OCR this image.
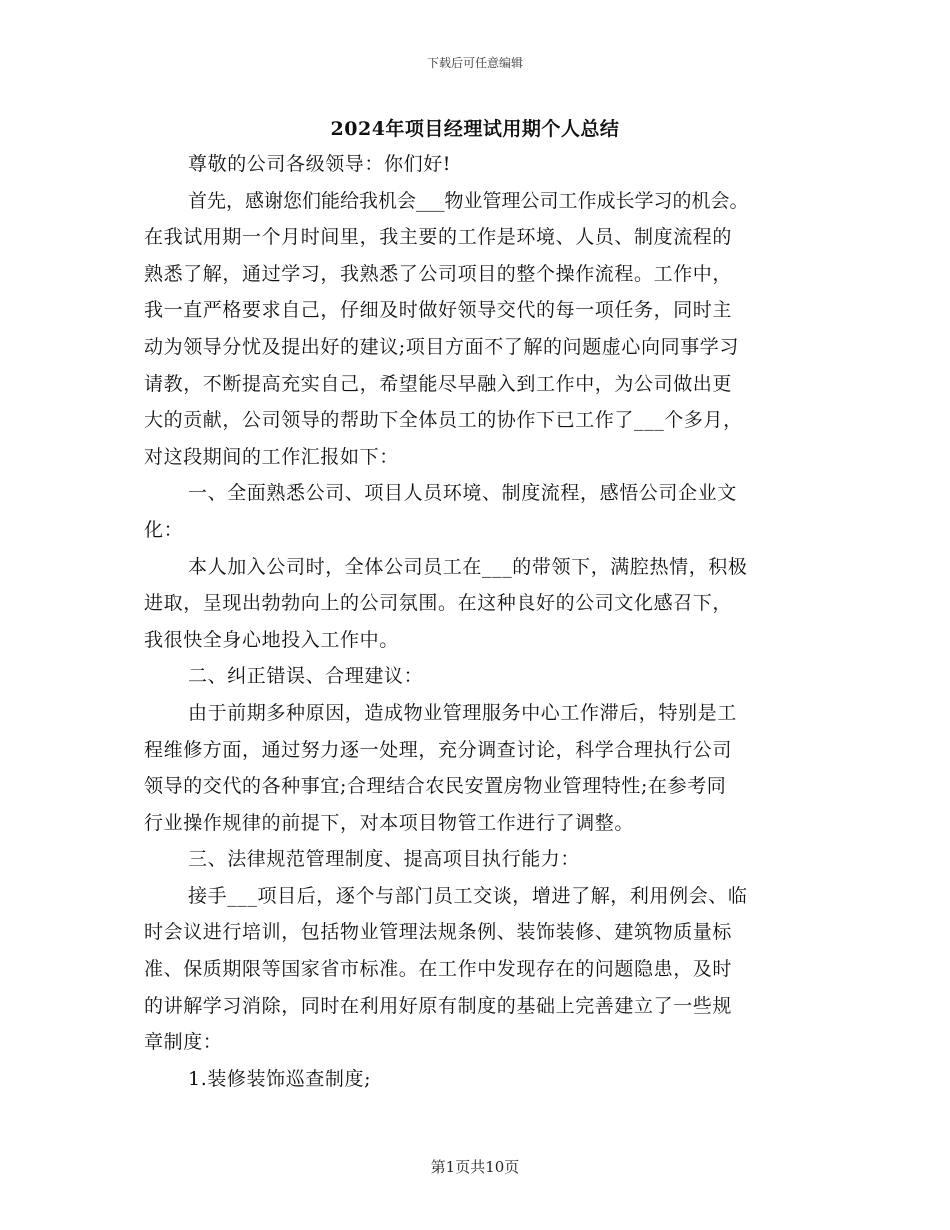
下载后可任意编辑
2024年项目经理试用期个人总结
尊敬的公司各级领导：你们好!
首先，感谢您们能给我机会___物业管理公司工作成长学习的机会。
在我试用期一个月时间里，我主要的工作是环境、人员、制度流程的
熟悉了解，通过学习，我熟悉了公司项目的整个操作流程。工作中，
我一直严格要求自己，仔细及时做好领导交代的每一项任务，同时主
动为领导分忧及提出好的建议;项目方面不了解的问题虚心向同事学习
请教，不断提高充实自己，希望能尽早融入到工作中，为公司做出更
大的贡献，公司领导的帮助下全体员工的协作下已工作了___个多月，
对这段期间的工作汇报如下：
一、全面熟悉公司、项目人员环境、制度流程，感悟公司企业文
化：
本人加入公司时，全体公司员工在___的带领下，满腔热情，积极
进取，呈现出勃勃向上的公司氛围。在这种良好的公司文化感召下，
我很快全身心地投入工作中。
二、纠正错误、合理建议：
由于前期多种原因，造成物业管理服务中心工作滞后，特别是工
程维修方面，通过努力逐一处理，充分调查讨论，科学合理执行公司
领导的交代的各种事宜;合理结合农民安置房物业管理特性;在参考同
行业操作规律的前提下，对本项目物管工作进行了调整。
三、法律规范管理制度、提高项目执行能力：
接手___项目后，逐个与部门员工交谈，增进了解，利用例会、临
时会议进行培训，包括物业管理法规条例、装饰装修、建筑物质量标
准、保质期限等国家省市标准。在工作中发现存在的问题隐患，及时
的讲解学习消除，同时在利用好原有制度的基础上完善建立了一些规
章制度：
1.装修装饰巡查制度;
第1页共10页
